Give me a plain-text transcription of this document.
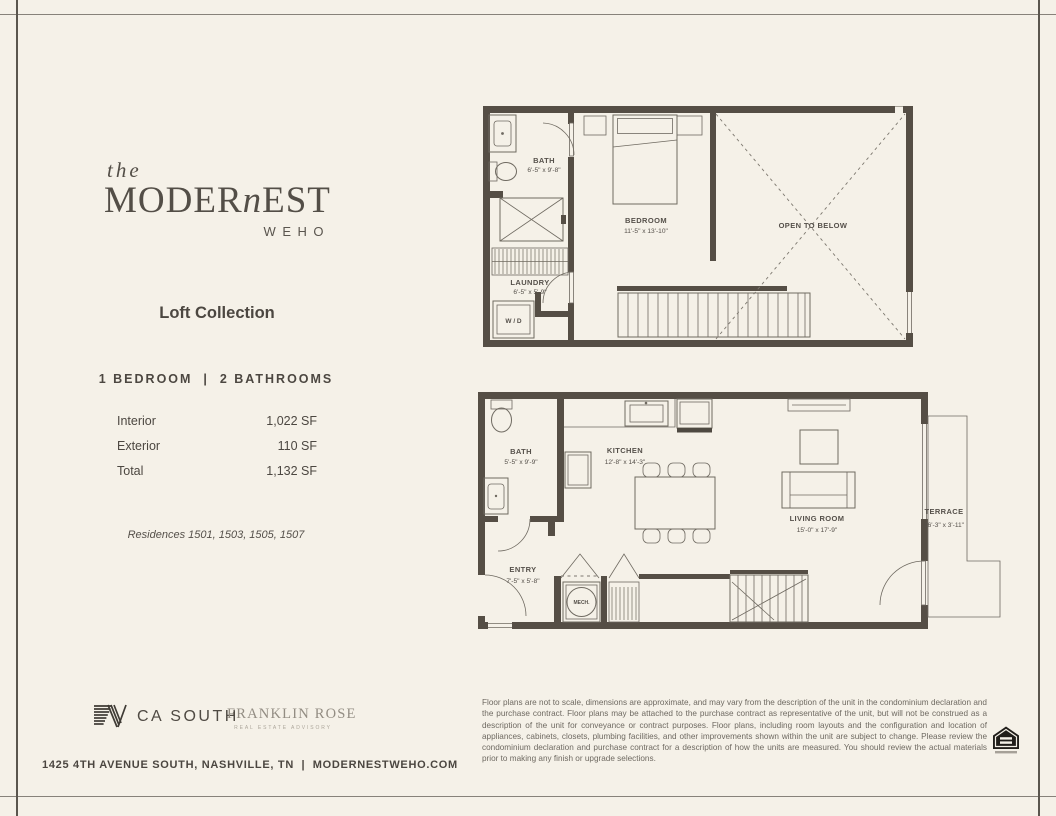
the
MODERnEST
WEHO
Loft Collection
1 BEDROOM  |  2 BATHROOMS
Interior	1,022 SF
Exterior	110 SF
Total	1,132 SF
Residences 1501, 1503, 1505, 1507
W / D
BATH
6'-5" x 9'-8"
LAUNDRY
6'-5" x 5'-9"
BEDROOM
11'-5" x 13'-10"
OPEN TO BELOW
MECH.
BATH
5'-5" x 9'-9"
KITCHEN
12'-8" x 14'-3"
ENTRY
7'-5" x 5'-8"
LIVING ROOM
15'-0" x 17'-9"
TERRACE
16'-3" x 3'-11"
CA SOUTH
FRANKLIN ROSE
REAL ESTATE ADVISORY
1425 4TH AVENUE SOUTH, NASHVILLE, TN  |  MODERNESTWEHO.COM
Floor plans are not to scale, dimensions are approximate, and may vary from the description of the unit in the condominium declaration and the purchase contract. Floor plans may be attached to the purchase contract as representative of the unit, but will not be construed as a description of the unit for conveyance or contract purposes. Floor plans, including room layouts and the configuration and location of appliances, cabinets, closets, plumbing facilities, and other improvements shown within the unit are subject to change. Please review the condominium declaration and purchase contract for a description of how the units are measured. You should review the actual materials prior to making any finish or upgrade selections.
